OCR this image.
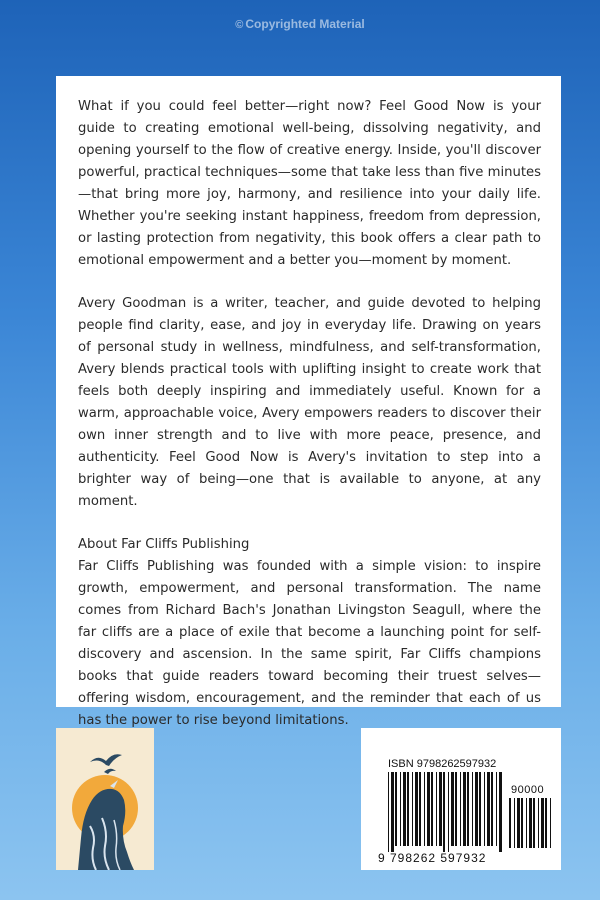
© Copyrighted Material

What if you could feel better—right now? Feel Good Now is your guide to creating emotional well-being, dissolving negativity, and opening yourself to the flow of creative energy. Inside, you'll discover powerful, practical techniques—some that take less than five minutes—that bring more joy, harmony, and resilience into your daily life. Whether you're seeking instant happiness, freedom from depression, or lasting protection from negativity, this book offers a clear path to emotional empowerment and a better you—moment by moment.

Avery Goodman is a writer, teacher, and guide devoted to helping people find clarity, ease, and joy in everyday life. Drawing on years of personal study in wellness, mindfulness, and self-transformation, Avery blends practical tools with uplifting insight to create work that feels both deeply inspiring and immediately useful. Known for a warm, approachable voice, Avery empowers readers to discover their own inner strength and to live with more peace, presence, and authenticity. Feel Good Now is Avery's invitation to step into a brighter way of being—one that is available to anyone, at any moment.

About Far Cliffs Publishing

Far Cliffs Publishing was founded with a simple vision: to inspire growth, empowerment, and personal transformation. The name comes from Richard Bach's Jonathan Livingston Seagull, where the far cliffs are a place of exile that become a launching point for self-discovery and ascension. In the same spirit, Far Cliffs champions books that guide readers toward becoming their truest selves—offering wisdom, encouragement, and the reminder that each of us has the power to rise beyond limitations.

ISBN 9798262597932
90000
9 798262 597932
